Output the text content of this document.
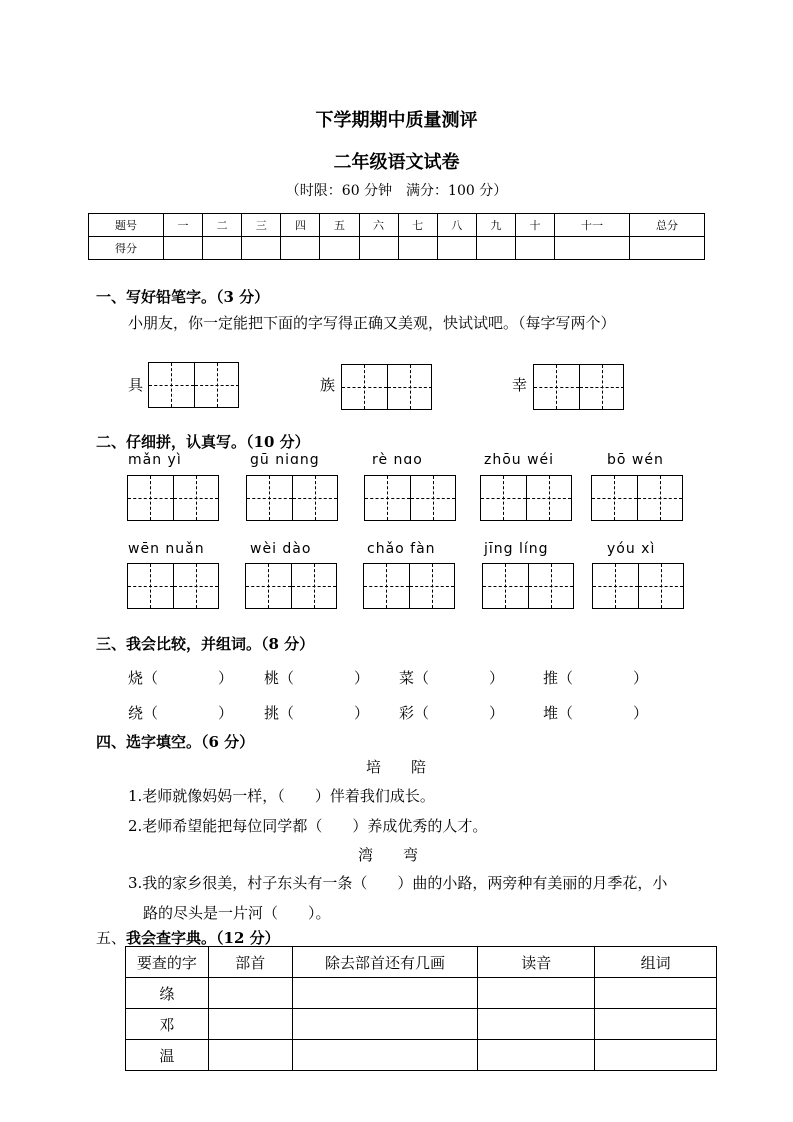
下学期期中质量测评
二年级语文试卷
（时限：60 分钟　满分：100 分）
题号	一	二	三	四	五	六	七	八	九	十	十一	总分
得分												
一、写好铅笔字。（3 分）
小朋友，你一定能把下面的字写得正确又美观，快试试吧。（每字写两个）
具	族	幸
二、仔细拼，认真写。（10 分）
mǎn yì	gū niɑng	rè nɑo	zhōu wéi	bō wén
wēn nuǎn	wèi dào	chǎo fàn	jīng líng	yóu xì
三、我会比较，并组词。（8 分）
烧（　　　　） 桃（　　　　） 菜（　　　　）	推（　　　　）
绕（　　　　） 挑（　　　　） 彩（　　　　）	堆（　　　　）
四、选字填空。（6 分）
培　　陪
1.老师就像妈妈一样，（　　）伴着我们成长。
2.老师希望能把每位同学都（　　）养成优秀的人才。
湾　　弯
3.我的家乡很美，村子东头有一条（　　）曲的小路，两旁种有美丽的月季花，小
路的尽头是一片河（　　）。
五、我会查字典。（12 分）
要查的字	部首	除去部首还有几画	读音	组词
绦				
邓				
温				
